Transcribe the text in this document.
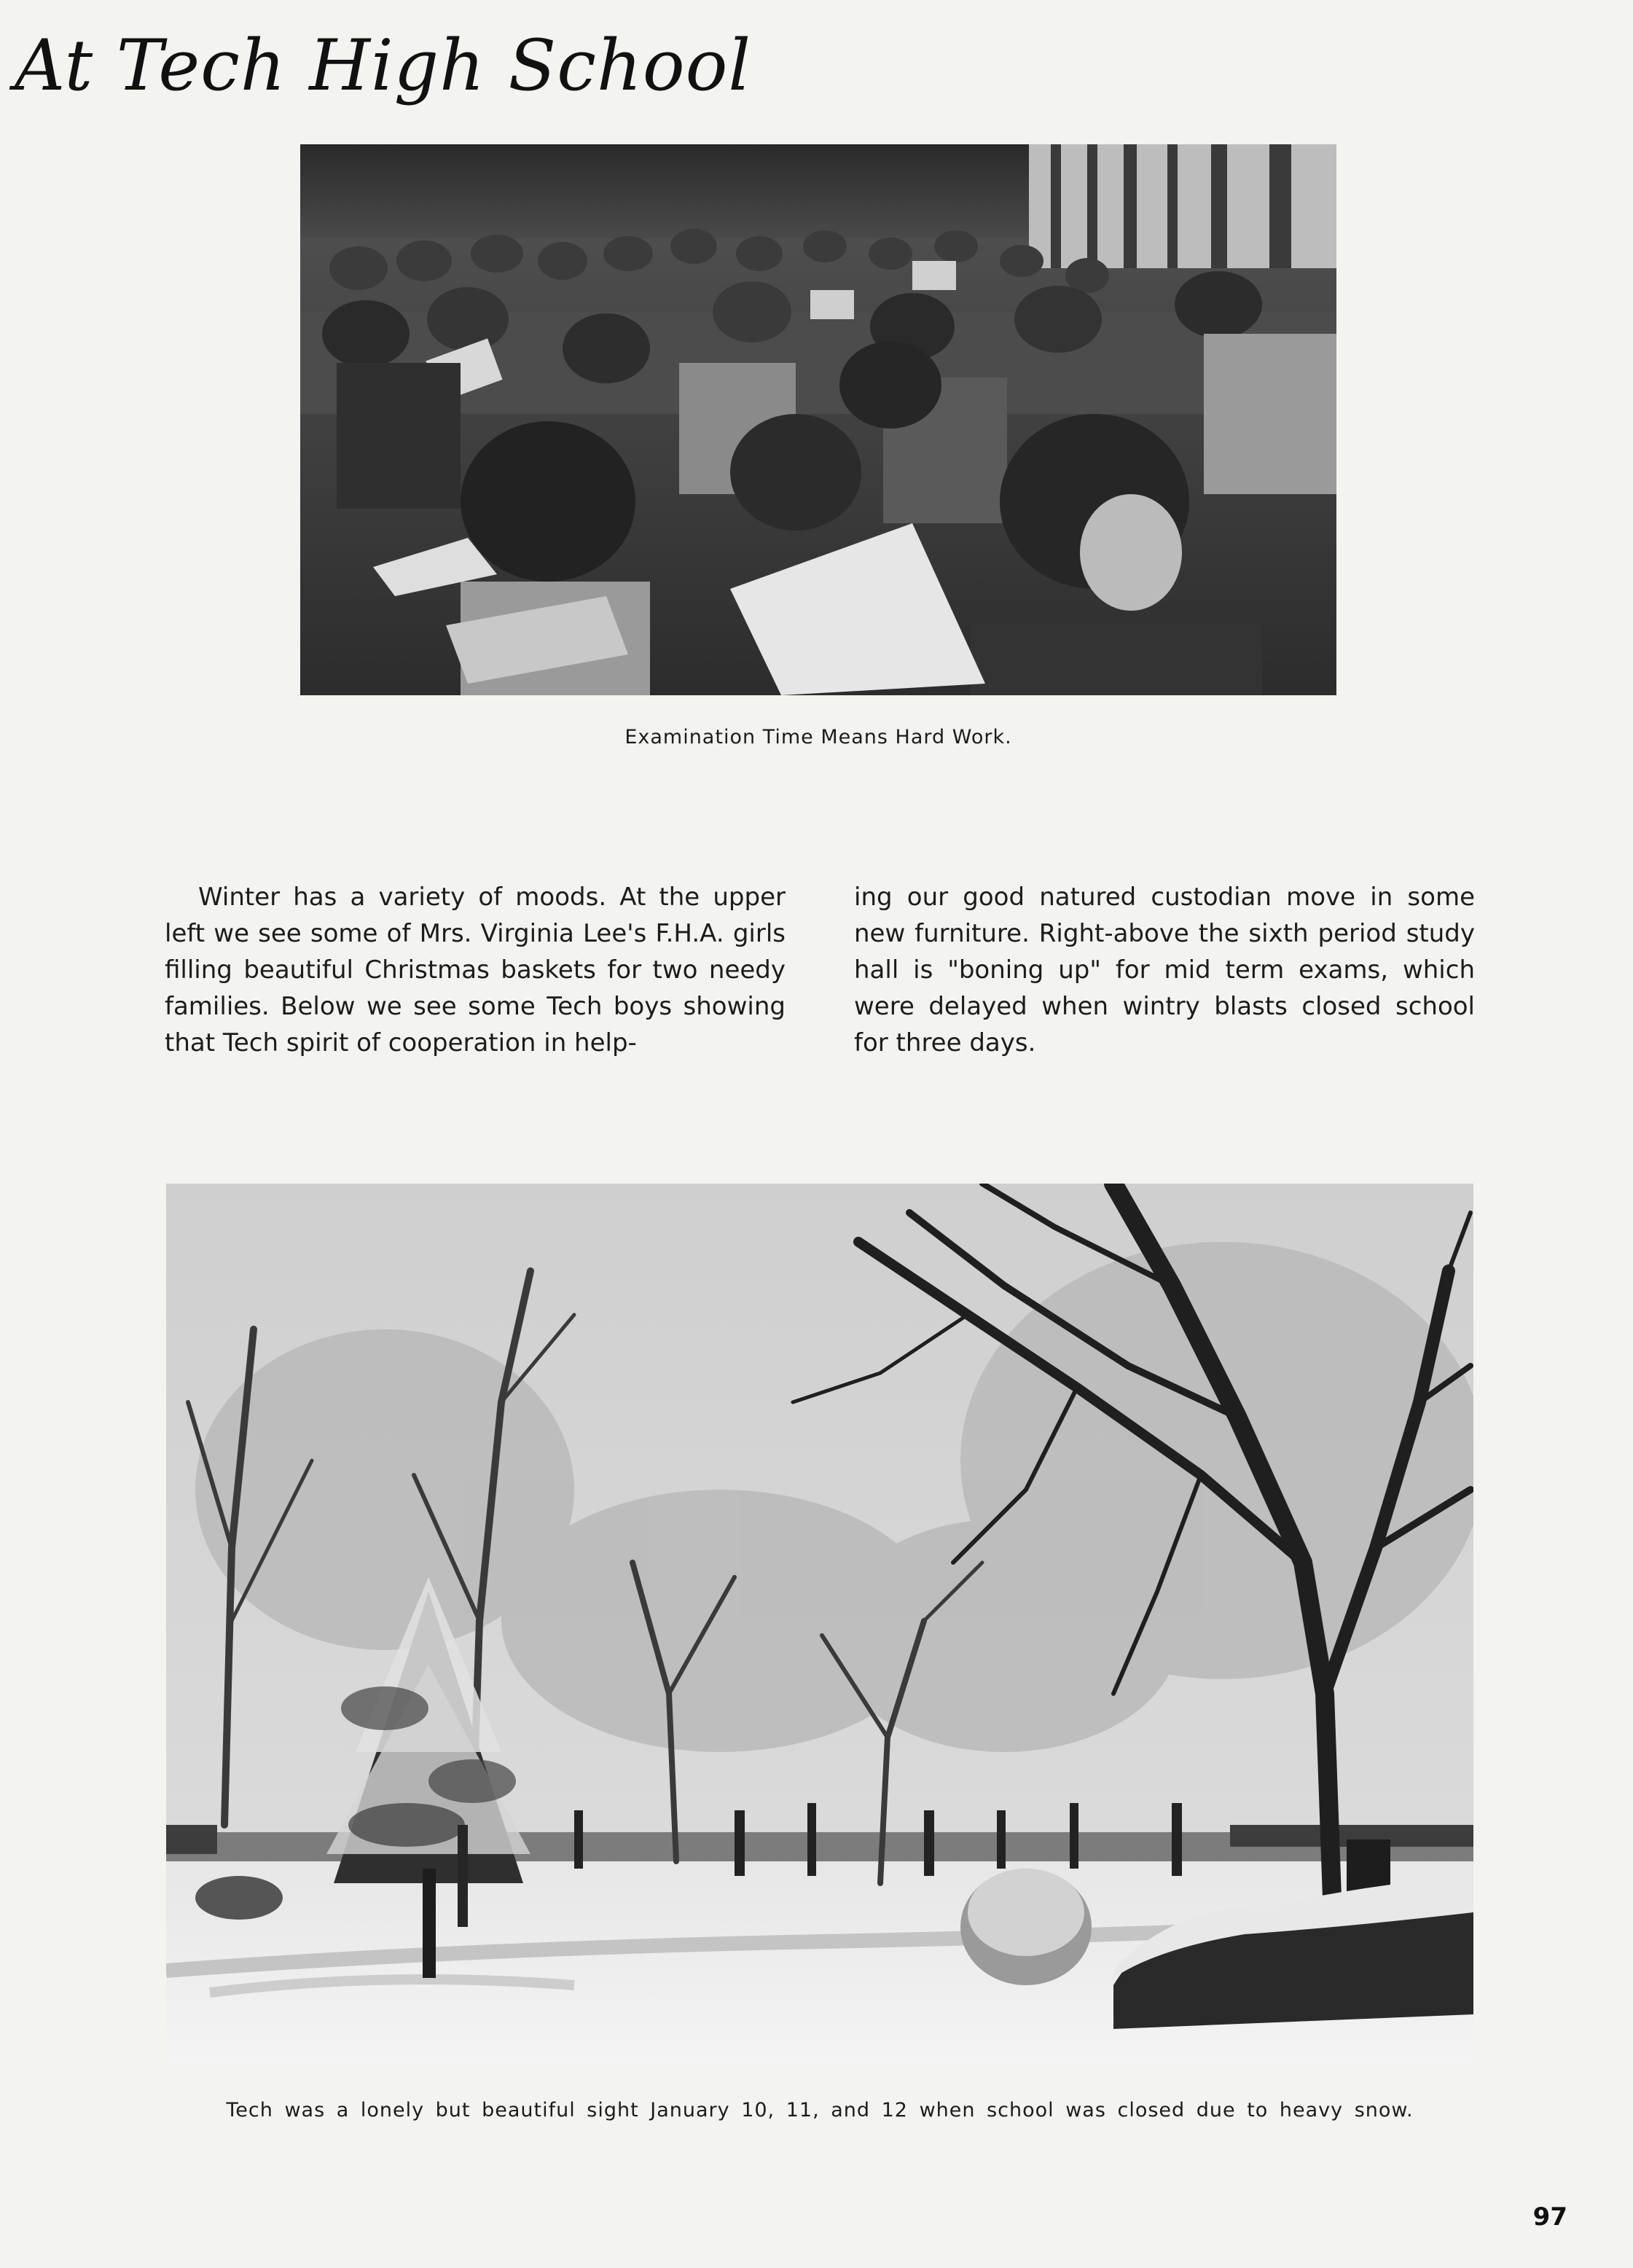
At Tech High School

Examination Time Means Hard Work.

Winter has a variety of moods. At the upper left we see some of Mrs. Virginia Lee's F.H.A. girls filling beautiful Christmas baskets for two needy families. Below we see some Tech boys showing that Tech spirit of cooperation in help-

ing our good natured custodian move in some new furniture. Right-above the sixth period study hall is "boning up" for mid term exams, which were delayed when wintry blasts closed school for three days.

Tech was a lonely but beautiful sight January 10, 11, and 12 when school was closed due to heavy snow.

97
